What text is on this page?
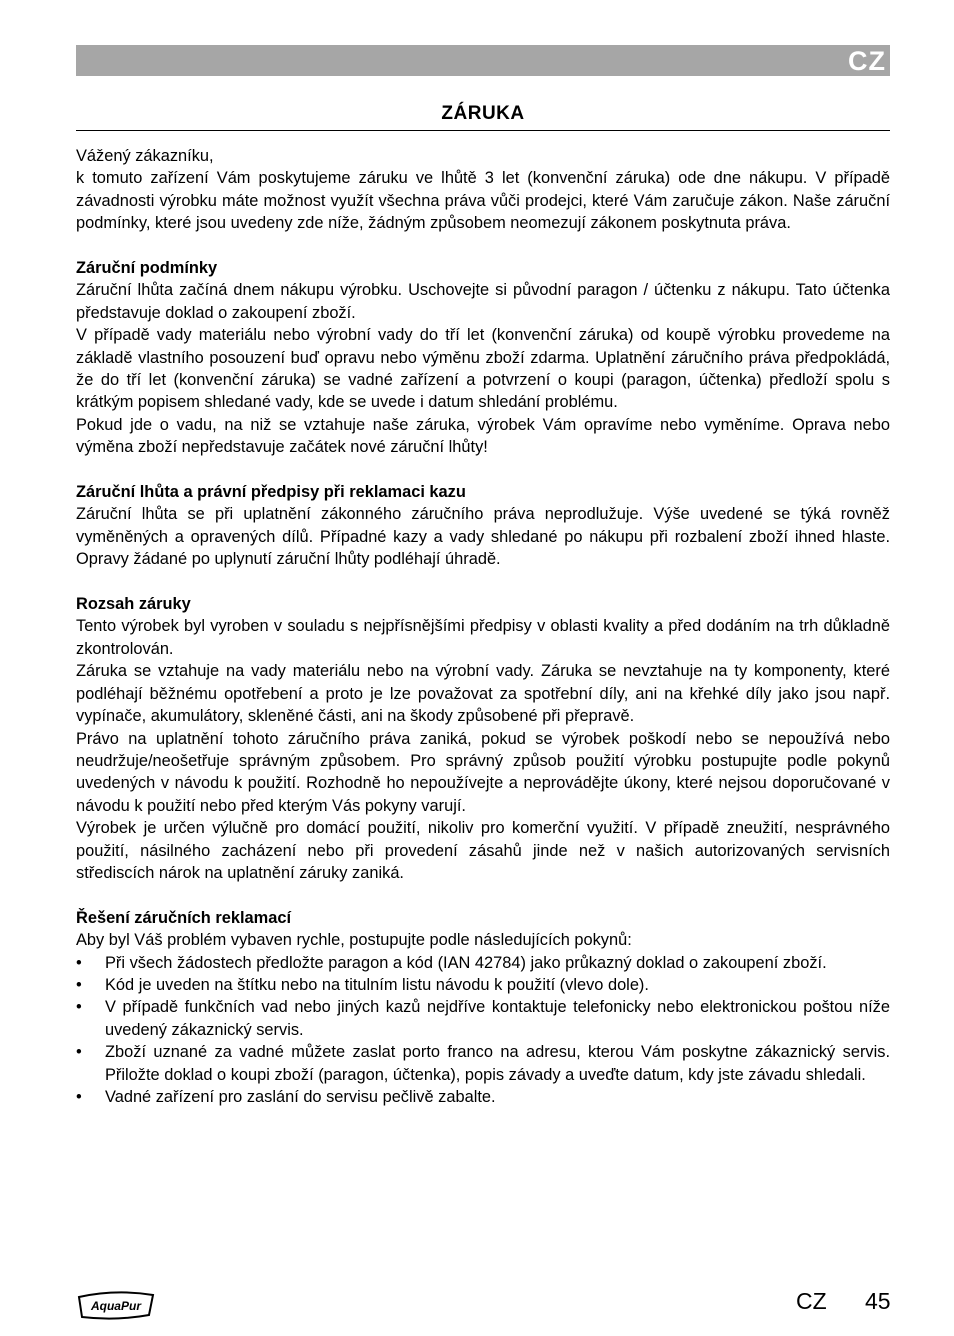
CZ
ZÁRUKA

Vážený zákazníku,

k tomuto zařízení Vám poskytujeme záruku ve lhůtě 3 let (konvenční záruka) ode dne nákupu. V případě závadnosti výrobku máte možnost využít všechna práva vůči prodejci, které Vám zaručuje zákon. Naše záruční podmínky, které jsou uvedeny zde níže, žádným způsobem neomezují zákonem poskytnuta práva.

Záruční podmínky

Záruční lhůta začíná dnem nákupu výrobku. Uschovejte si původní paragon / účtenku z nákupu. Tato účtenka představuje doklad o zakoupení zboží.

V případě vady materiálu nebo výrobní vady do tří let (konvenční záruka) od koupě výrobku provedeme na základě vlastního posouzení buď opravu nebo výměnu zboží zdarma. Uplatnění záručního práva předpokládá, že do tří let (konvenční záruka) se vadné zařízení a potvrzení o koupi (paragon, účtenka) předloží spolu s krátkým popisem shledané vady, kde se uvede i datum shledání problému.

Pokud jde o vadu, na niž se vztahuje naše záruka, výrobek Vám opravíme nebo vyměníme. Oprava nebo výměna zboží nepředstavuje začátek nové záruční lhůty!

Záruční lhůta a právní předpisy při reklamaci kazu

Záruční lhůta se při uplatnění zákonného záručního práva neprodlužuje. Výše uvedené se týká rovněž vyměněných a opravených dílů. Případné kazy a vady shledané po nákupu při rozbalení zboží ihned hlaste. Opravy žádané po uplynutí záruční lhůty podléhají úhradě.

Rozsah záruky

Tento výrobek byl vyroben v souladu s nejpřísnějšími předpisy v oblasti kvality a před dodáním na trh důkladně zkontrolován.

Záruka se vztahuje na vady materiálu nebo na výrobní vady. Záruka se nevztahuje na ty komponenty, které podléhají běžnému opotřebení a proto je lze považovat za spotřební díly, ani na křehké díly jako jsou např. vypínače, akumulátory, skleněné části, ani na škody způsobené při přepravě.

Právo na uplatnění tohoto záručního práva zaniká, pokud se výrobek poškodí nebo se nepoužívá nebo neudržuje/neošetřuje správným způsobem. Pro správný způsob použití výrobku postupujte podle pokynů uvedených v návodu k použití. Rozhodně ho nepoužívejte a neprovádějte úkony, které nejsou doporučované v návodu k použití nebo před kterým Vás pokyny varují.

Výrobek je určen výlučně pro domácí použití, nikoliv pro komerční využití. V případě zneužití, nesprávného použití, násilného zacházení nebo při provedení zásahů jinde než v našich autorizovaných servisních střediscích nárok na uplatnění záruky zaniká.

Řešení záručních reklamací

Aby byl Váš problém vybaven rychle, postupujte podle následujících pokynů:

• Při všech žádostech předložte paragon a kód (IAN 42784) jako průkazný doklad o zakoupení zboží.
• Kód je uveden na štítku nebo na titulním listu návodu k použití (vlevo dole).
• V případě funkčních vad nebo jiných kazů nejdříve kontaktuje telefonicky nebo elektronickou poštou níže uvedený zákaznický servis.
• Zboží uznané za vadné můžete zaslat porto franco na adresu, kterou Vám poskytne zákaznický servis. Přiložte doklad o koupi zboží (paragon, účtenka), popis závady a uveďte datum, kdy jste závadu shledali.
• Vadné zařízení pro zaslání do servisu pečlivě zabalte.
AquaPur	CZ 45
